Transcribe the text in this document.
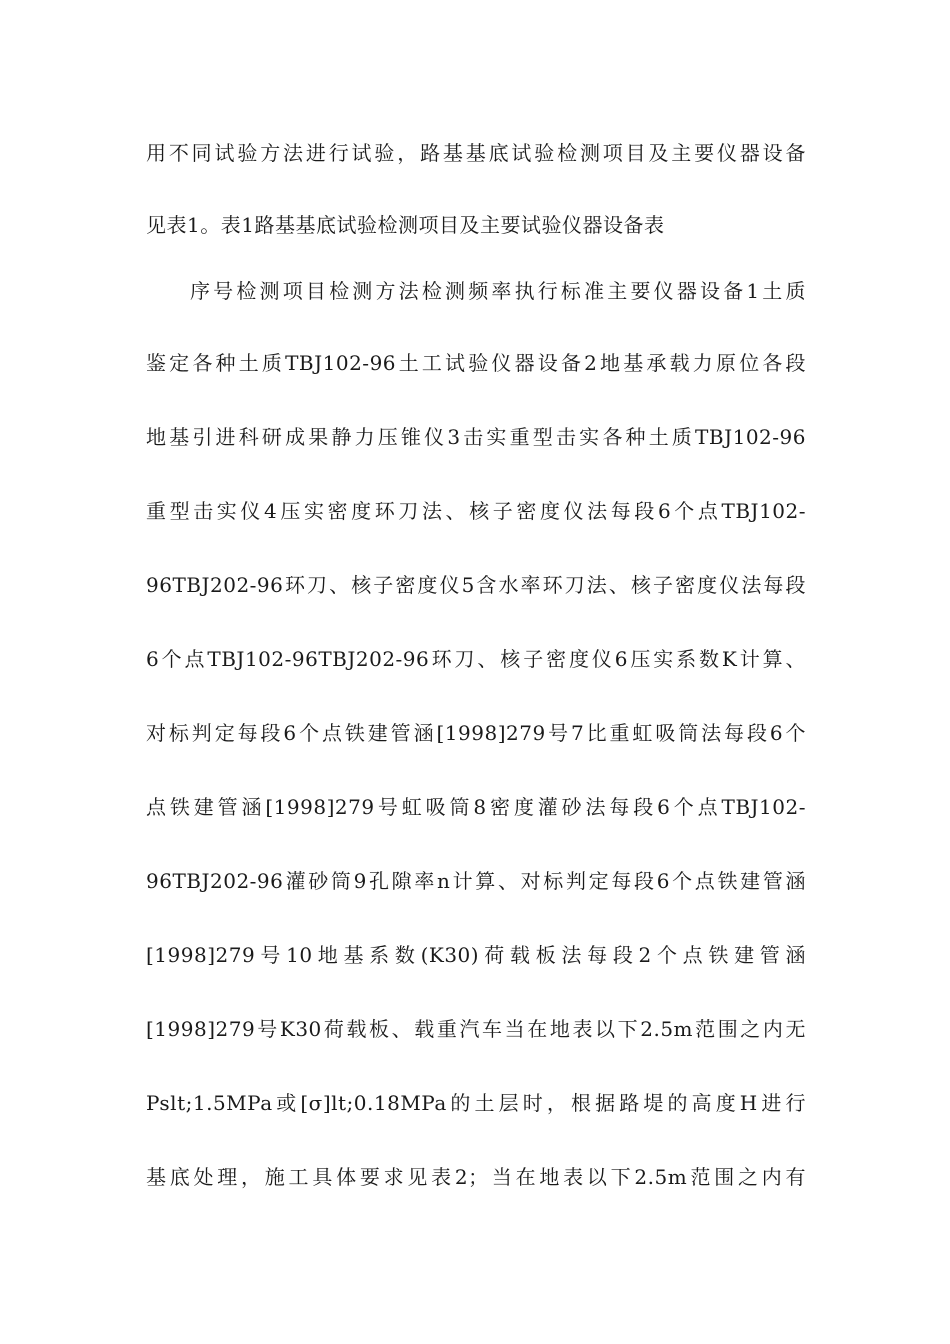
用不同试验方法进行试验，路基基底试验检测项目及主要仪器设备
见表1。表1路基基底试验检测项目及主要试验仪器设备表
序号检测项目检测方法检测频率执行标准主要仪器设备1土质
鉴定各种土质TBJ102-96土工试验仪器设备2地基承载力原位各段
地基引进科研成果静力压锥仪3击实重型击实各种土质TBJ102-96
重型击实仪4压实密度环刀法、核子密度仪法每段6个点TBJ102-
96TBJ202-96环刀、核子密度仪5含水率环刀法、核子密度仪法每段
6个点TBJ102-96TBJ202-96环刀、核子密度仪6压实系数K计算、
对标判定每段6个点铁建管涵[1998]279号7比重虹吸筒法每段6个
点铁建管涵[1998]279号虹吸筒8密度灌砂法每段6个点TBJ102-
96TBJ202-96灌砂筒9孔隙率n计算、对标判定每段6个点铁建管涵
[1998]279号10地基系数(K30)荷载板法每段2个点铁建管涵
[1998]279号K30荷载板、载重汽车当在地表以下2.5m范围之内无
Pslt;1.5MPa或[σ]lt;0.18MPa的土层时，根据路堤的高度H进行
基底处理，施工具体要求见表2；当在地表以下2.5m范围之内有
